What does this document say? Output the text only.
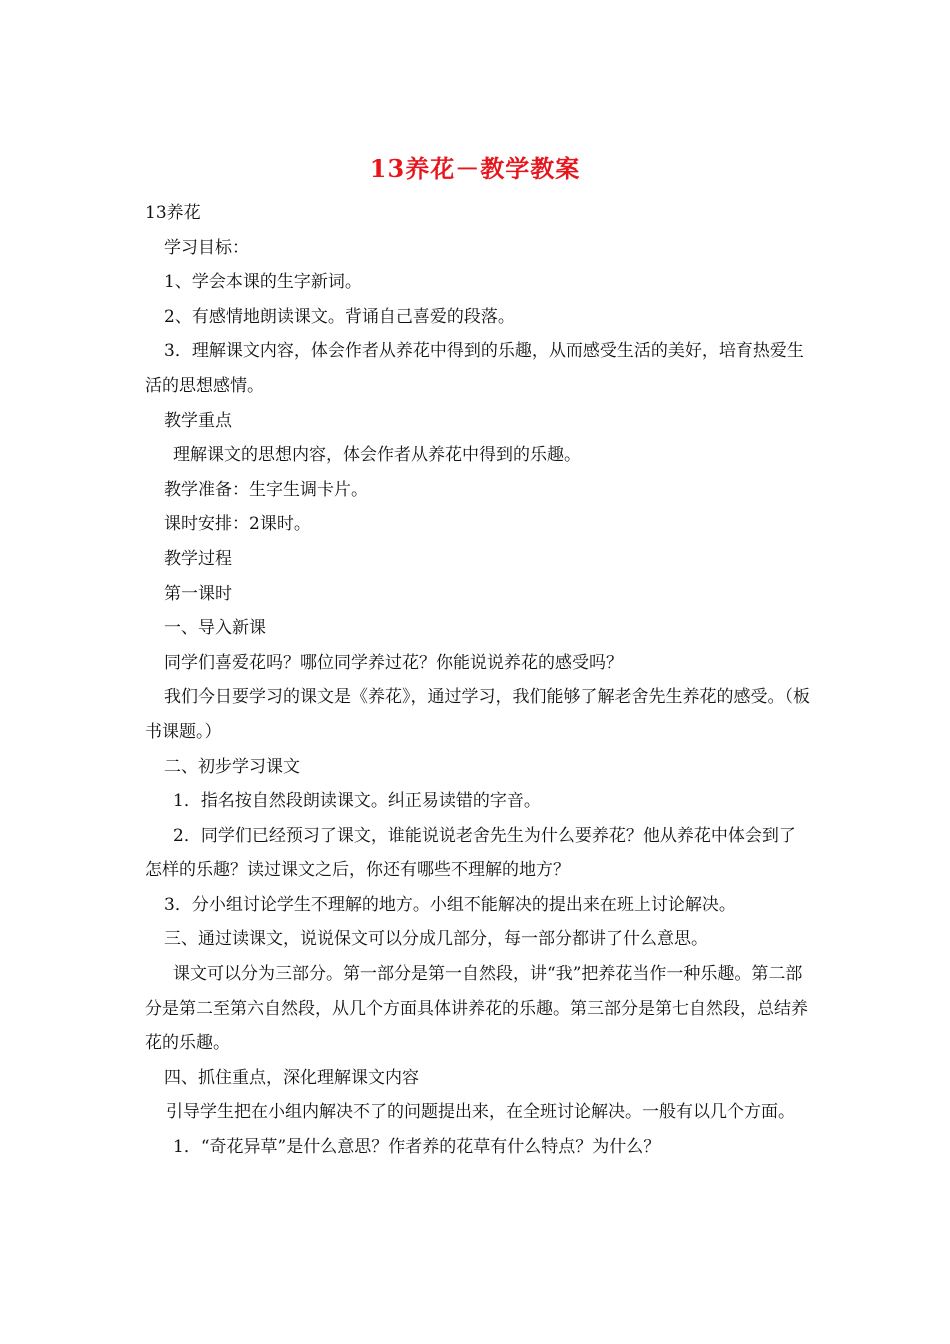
13养花－教学教案

13养花

学习目标：

1、学会本课的生字新词。

2、有感情地朗读课文。背诵自己喜爱的段落。

3．理解课文内容，体会作者从养花中得到的乐趣，从而感受生活的美好，培育热爱生活的思想感情。

教学重点

理解课文的思想内容，体会作者从养花中得到的乐趣。

教学准备：生字生调卡片。

课时安排：2课时。

教学过程

第一课时

一、导入新课

同学们喜爱花吗？哪位同学养过花？你能说说养花的感受吗？

我们今日要学习的课文是《养花》，通过学习，我们能够了解老舍先生养花的感受。（板书课题。）

二、初步学习课文

1．指名按自然段朗读课文。纠正易读错的字音。

2．同学们已经预习了课文，谁能说说老舍先生为什么要养花？他从养花中体会到了怎样的乐趣？读过课文之后，你还有哪些不理解的地方？

3．分小组讨论学生不理解的地方。小组不能解决的提出来在班上讨论解决。

三、通过读课文，说说保文可以分成几部分，每一部分都讲了什么意思。

课文可以分为三部分。第一部分是第一自然段，讲“我”把养花当作一种乐趣。第二部分是第二至第六自然段，从几个方面具体讲养花的乐趣。第三部分是第七自然段，总结养花的乐趣。

四、抓住重点，深化理解课文内容

引导学生把在小组内解决不了的问题提出来，在全班讨论解决。一般有以几个方面。

1．“奇花异草”是什么意思？作者养的花草有什么特点？为什么？
